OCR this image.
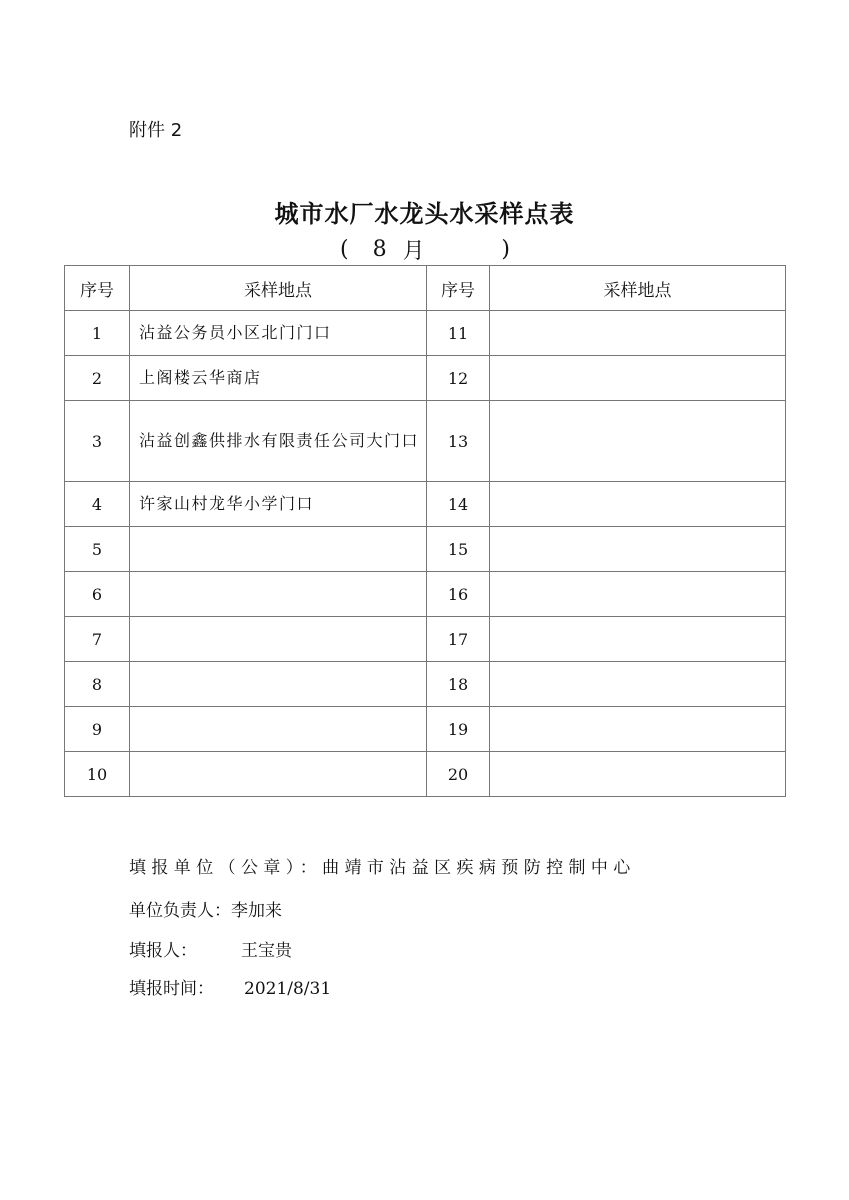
附件 2
城市水厂水龙头水采样点表
( 8 月	)
序号	采样地点	序号	采样地点
1	沾益公务员小区北门门口	11	
2	上阁楼云华商店	12	
3	沾益创鑫供排水有限责任公司大门口	13	
4	许家山村龙华小学门口	14	
5		15	
6		16	
7		17	
8		18	
9		19	
10		20	
填报单位（公章）：曲靖市沾益区疾病预防控制中心
单位负责人：李加来
填报人：	王宝贵
填报时间： 2021/8/31
